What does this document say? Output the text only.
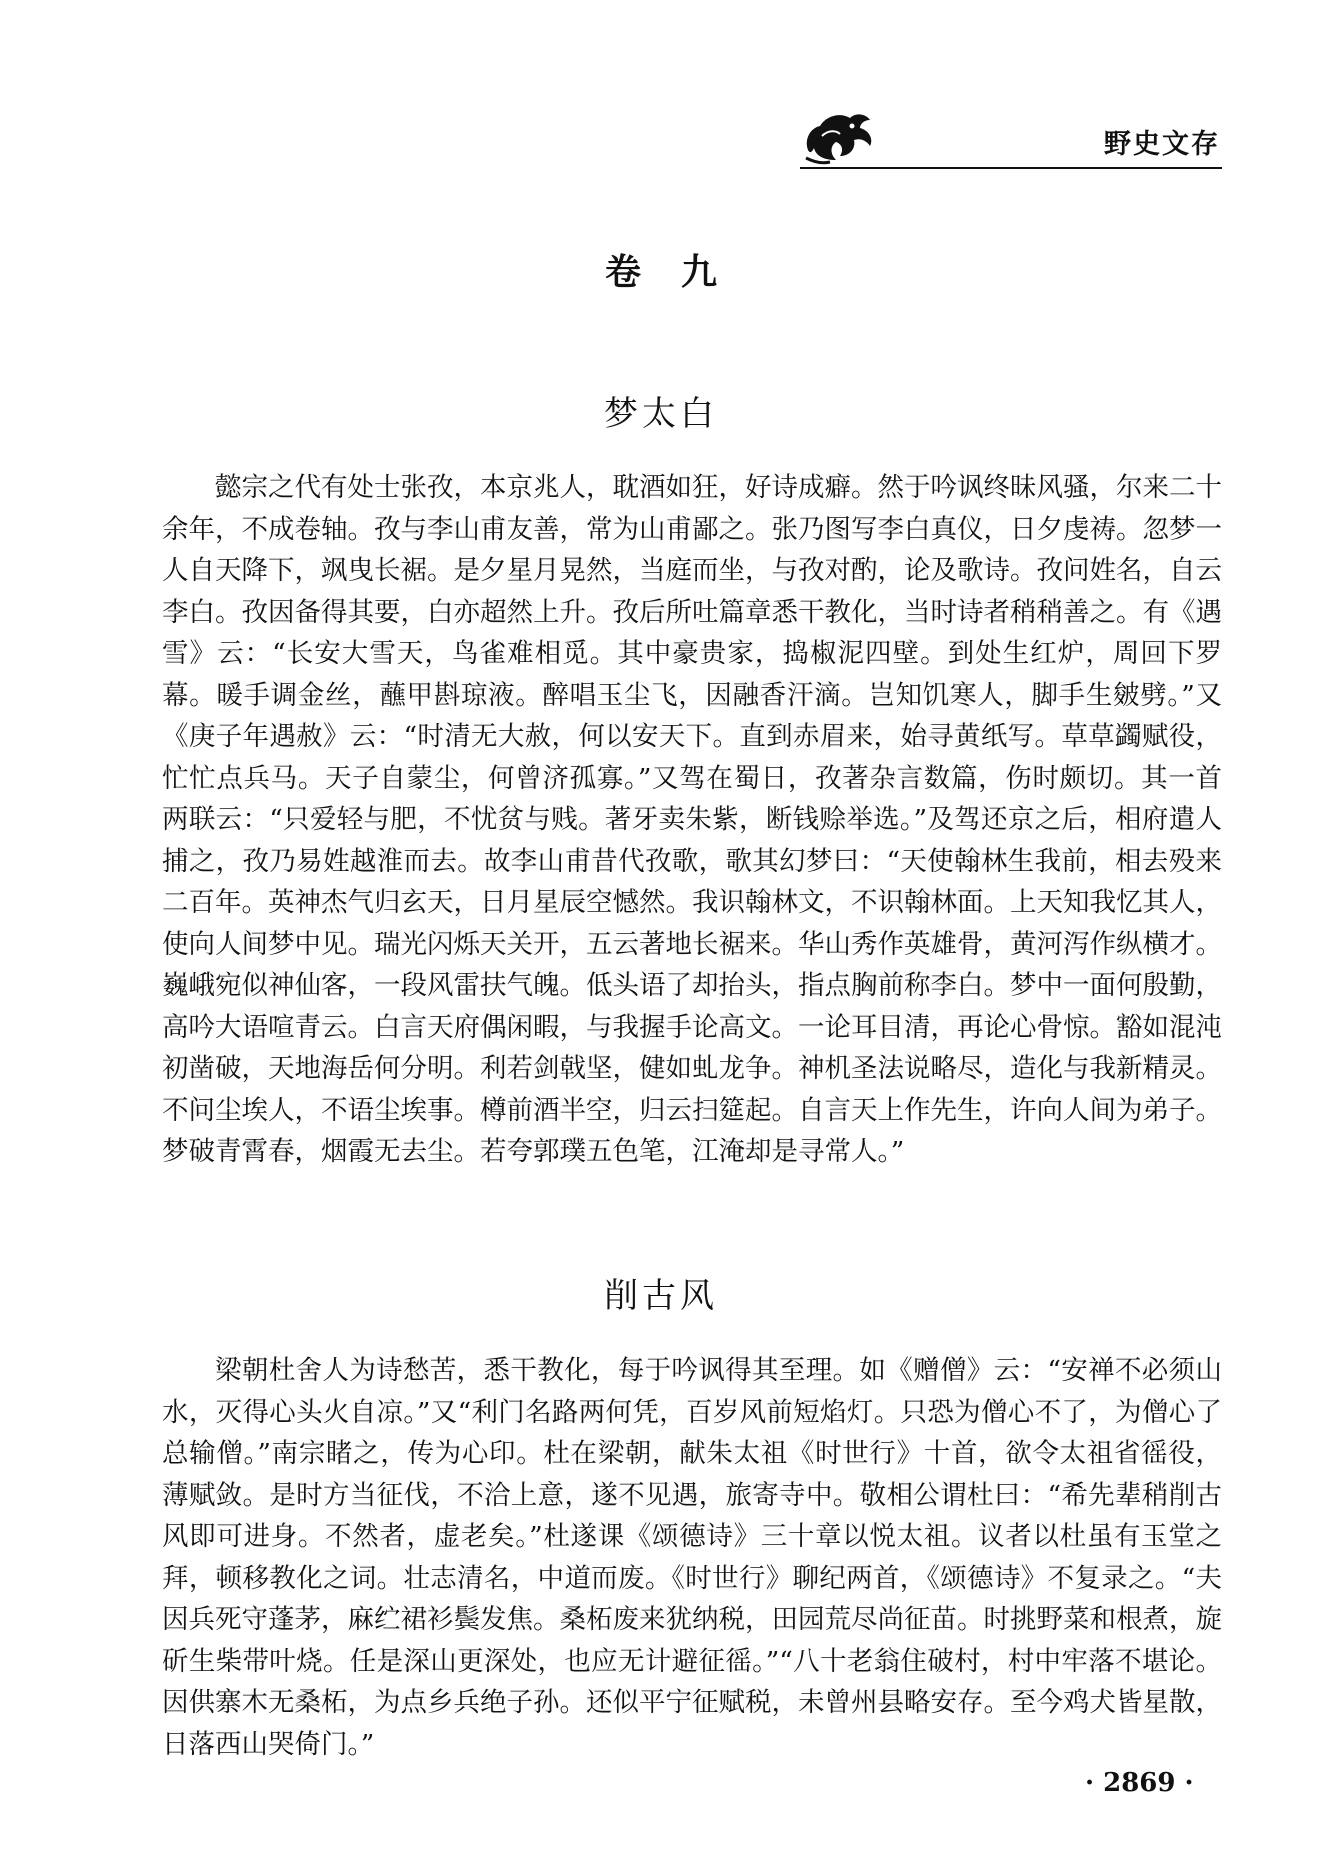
野史文存
卷九
梦太白

懿宗之代有处士张孜，本京兆人，耽酒如狂，好诗成癖。然于吟讽终昧风骚，尔来二十余年，不成卷轴。孜与李山甫友善，常为山甫鄙之。张乃图写李白真仪，日夕虔祷。忽梦一人自天降下，飒曳长裾。是夕星月晃然，当庭而坐，与孜对酌，论及歌诗。孜问姓名，自云李白。孜因备得其要，白亦超然上升。孜后所吐篇章悉干教化，当时诗者稍稍善之。有《遇雪》云：“长安大雪天，鸟雀难相觅。其中豪贵家，捣椒泥四壁。到处生红炉，周回下罗幕。暖手调金丝，蘸甲斟琼液。醉唱玉尘飞，因融香汗滴。岂知饥寒人，脚手生皴劈。”又《庚子年遇赦》云：“时清无大赦，何以安天下。直到赤眉来，始寻黄纸写。草草蠲赋役，忙忙点兵马。天子自蒙尘，何曾济孤寡。”又驾在蜀日，孜著杂言数篇，伤时颇切。其一首两联云：“只爱轻与肥，不忧贫与贱。著牙卖朱紫，断钱赊举选。”及驾还京之后，相府遣人捕之，孜乃易姓越淮而去。故李山甫昔代孜歌，歌其幻梦曰：“天使翰林生我前，相去殁来二百年。英神杰气归玄天，日月星辰空憾然。我识翰林文，不识翰林面。上天知我忆其人，使向人间梦中见。瑞光闪烁天关开，五云著地长裾来。华山秀作英雄骨，黄河泻作纵横才。巍峨宛似神仙客，一段风雷扶气魄。低头语了却抬头，指点胸前称李白。梦中一面何殷勤，高吟大语喧青云。白言天府偶闲暇，与我握手论高文。一论耳目清，再论心骨惊。豁如混沌初凿破，天地海岳何分明。利若剑戟坚，健如虬龙争。神机圣法说略尽，造化与我新精灵。不问尘埃人，不语尘埃事。樽前酒半空，归云扫筵起。自言天上作先生，许向人间为弟子。梦破青霄春，烟霞无去尘。若夸郭璞五色笔，江淹却是寻常人。”

削古风

梁朝杜舍人为诗愁苦，悉干教化，每于吟讽得其至理。如《赠僧》云：“安禅不必须山水，灭得心头火自凉。”又“利门名路两何凭，百岁风前短焰灯。只恐为僧心不了，为僧心了总输僧。”南宗睹之，传为心印。杜在梁朝，献朱太祖《时世行》十首，欲令太祖省徭役，薄赋敛。是时方当征伐，不洽上意，遂不见遇，旅寄寺中。敬相公谓杜曰：“希先辈稍削古风即可进身。不然者，虚老矣。”杜遂课《颂德诗》三十章以悦太祖。议者以杜虽有玉堂之拜，顿移教化之词。壮志清名，中道而废。《时世行》聊纪两首，《颂德诗》不复录之。“夫因兵死守蓬茅，麻纻裙衫鬓发焦。桑柘废来犹纳税，田园荒尽尚征苗。时挑野菜和根煮，旋斫生柴带叶烧。任是深山更深处，也应无计避征徭。”“八十老翁住破村，村中牢落不堪论。因供寨木无桑柘，为点乡兵绝子孙。还似平宁征赋税，未曾州县略安存。至今鸡犬皆星散，日落西山哭倚门。”

· 2869 ·
